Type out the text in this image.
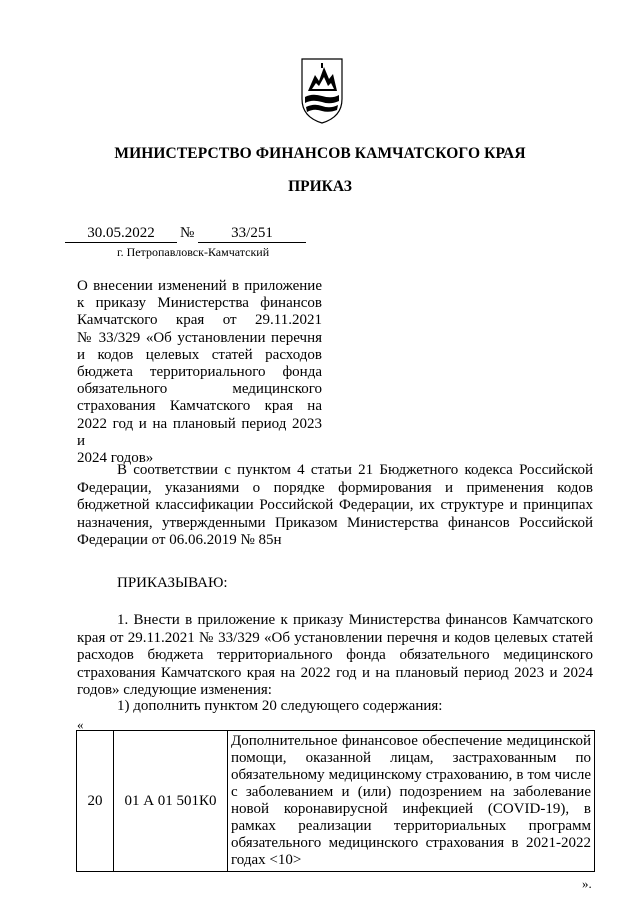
МИНИСТЕРСТВО ФИНАНСОВ КАМЧАТСКОГО КРАЯ
ПРИКАЗ
30.05.2022	№	33/251
г. Петропавловск-Камчатский
О внесении изменений в приложение
к приказу Министерства финансов
Камчатского края от 29.11.2021
№ 33/329 «Об установлении перечня
и кодов целевых статей расходов
бюджета территориального фонда
обязательного медицинского
страхования Камчатского края на
2022 год и на плановый период 2023 и
2024 годов»
В соответствии с пунктом 4 статьи 21 Бюджетного кодекса Российской Федерации, указаниями о порядке формирования и применения кодов бюджетной классификации Российской Федерации, их структуре и принципах назначения, утвержденными Приказом Министерства финансов Российской Федерации от 06.06.2019 № 85н
ПРИКАЗЫВАЮ:
1. Внести в приложение к приказу Министерства финансов Камчатского края от 29.11.2021 № 33/329 «Об установлении перечня и кодов целевых статей расходов бюджета территориального фонда обязательного медицинского страхования Камчатского края на 2022 год и на плановый период 2023 и 2024 годов» следующие изменения:
1) дополнить пунктом 20 следующего содержания:
«
20	01 А 01 501К0	Дополнительное финансовое обеспечение медицинской помощи, оказанной лицам, застрахованным по обязательному медицинскому страхованию, в том числе с заболеванием и (или) подозрением на заболевание новой коронавирусной инфекцией (COVID-19), в рамках реализации территориальных программ обязательного медицинского страхования в 2021-2022 годах <10>
».
